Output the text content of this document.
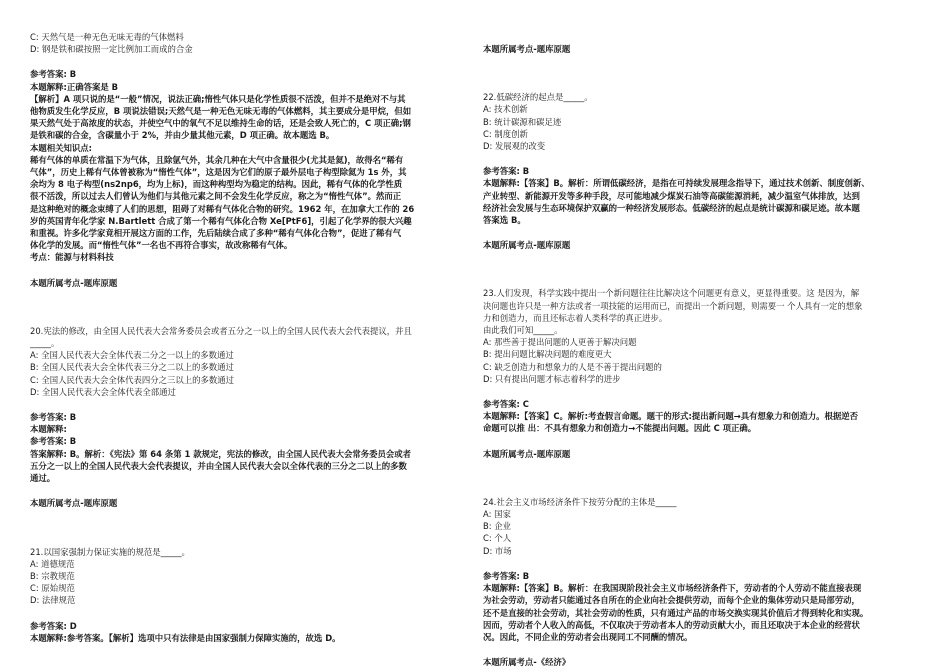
C: 天然气是一种无色无味无毒的气体燃料
D: 钢是铁和碳按照一定比例加工而成的合金
参考答案: B
本题解释:正确答案是 B
【解析】A 项只说的是“一般”情况，说法正确;惰性气体只是化学性质很不活泼，但并不是绝对不与其
他物质发生化学反应，B 项说法错误;天然气是一种无色无味无毒的气体燃料，其主要成分是甲烷，但如
果天然气处于高浓度的状态，并使空气中的氧气不足以维持生命的话，还是会致人死亡的，C 项正确;钢
是铁和碳的合金，含碳量小于 2%，并由少量其他元素，D 项正确。故本题选 B。
本题相关知识点:
稀有气体的单质在常温下为气体，且除氩气外，其余几种在大气中含量很少(尤其是氦)，故得名“稀有
气体”，历史上稀有气体曾被称为“惰性气体”，这是因为它们的原子最外层电子构型除氦为 1s 外，其
余均为 8 电子构型(ns2np6，均为上标)，而这种构型均为稳定的结构。因此，稀有气体的化学性质
很不活泼，所以过去人们曾认为他们与其他元素之间不会发生化学反应，称之为“惰性气体”。然而正
是这种绝对的概念束缚了人们的思想，阻碍了对稀有气体化合物的研究。1962 年，在加拿大工作的 26
岁的英国青年化学家 N.Bartlett 合成了第一个稀有气体化合物 Xe[PtF6]，引起了化学界的很大兴趣
和重视。许多化学家竟相开展这方面的工作，先后陆续合成了多种“稀有气体化合物”，促进了稀有气
体化学的发展。而“惰性气体”一名也不再符合事实，故改称稀有气体。
考点：能源与材料科技
本题所属考点-题库原题
20.宪法的修改，由全国人民代表大会常务委员会或者五分之一以上的全国人民代表大会代表提议，并且
_____。
A: 全国人民代表大会全体代表二分之一以上的多数通过
B: 全国人民代表大会全体代表三分之二以上的多数通过
C: 全国人民代表大会全体代表四分之三以上的多数通过
D: 全国人民代表大会全体代表全部通过
参考答案: B
本题解释:
参考答案: B
答案解释: B。解析：《宪法》第 64 条第 1 款规定，宪法的修改，由全国人民代表大会常务委员会或者
五分之一以上的全国人民代表大会代表提议，并由全国人民代表大会以全体代表的三分之二以上的多数
通过。
本题所属考点-题库原题
21.以国家强制力保证实施的规范是_____。
A: 道德规范
B: 宗教规范
C: 原始规范
D: 法律规范
参考答案: D
本题解释:参考答案。【解析】选项中只有法律是由国家强制力保障实施的，故选 D。
本题所属考点-题库原题
22.低碳经济的起点是_____。
A: 技术创新
B: 统计碳源和碳足迹
C: 制度创新
D: 发展观的改变
参考答案: B
本题解释:【答案】B。解析：所谓低碳经济，是指在可持续发展理念指导下，通过技术创新、制度创新、
产业转型、新能源开发等多种手段，尽可能地减少煤炭石油等高碳能源消耗，减少温室气体排放，达到
经济社会发展与生态环境保护双赢的一种经济发展形态。低碳经济的起点是统计碳源和碳足迹。故本题
答案选 B。
本题所属考点-题库原题
23.人们发现，科学实践中提出一个新问题往往比解决这个问题更有意义，更显得重要。这 是因为，解
决问题也许只是一种方法或者一项技能的运用而已，而提出一个新问题，则需要一 个人具有一定的想象
力和创造力，而且还标志着人类科学的真正进步。
由此我们可知_____。
A: 那些善于提出问题的人更善于解决问题
B: 提出问题比解决问题的难度更大
C: 缺乏创造力和想象力的人是不善于提出问题的
D: 只有提出问题才标志着科学的进步
参考答案: C
本题解释:【答案】C。解析:考查假言命题。题干的形式:提出新问题→具有想象力和创造力。根据逆否
命题可以推 出：不具有想象力和创造力→不能提出问题。因此 C 项正确。
本题所属考点-题库原题
24.社会主义市场经济条件下按劳分配的主体是_____
A: 国家
B: 企业
C: 个人
D: 市场
参考答案: B
本题解释:【答案】B。解析：在我国现阶段社会主义市场经济条件下，劳动者的个人劳动不能直接表现
为社会劳动，劳动者只能通过各自所在的企业向社会提供劳动，而每个企业的集体劳动只是局部劳动，
还不是直接的社会劳动，其社会劳动的性质，只有通过产品的市场交换实现其价值后才得到转化和实现。
因而，劳动者个人收入的高低，不仅取决于劳动者本人的劳动贡献大小，而且还取决于本企业的经营状
况。因此，不同企业的劳动者会出现同工不同酬的情况。
本题所属考点-《经济》
